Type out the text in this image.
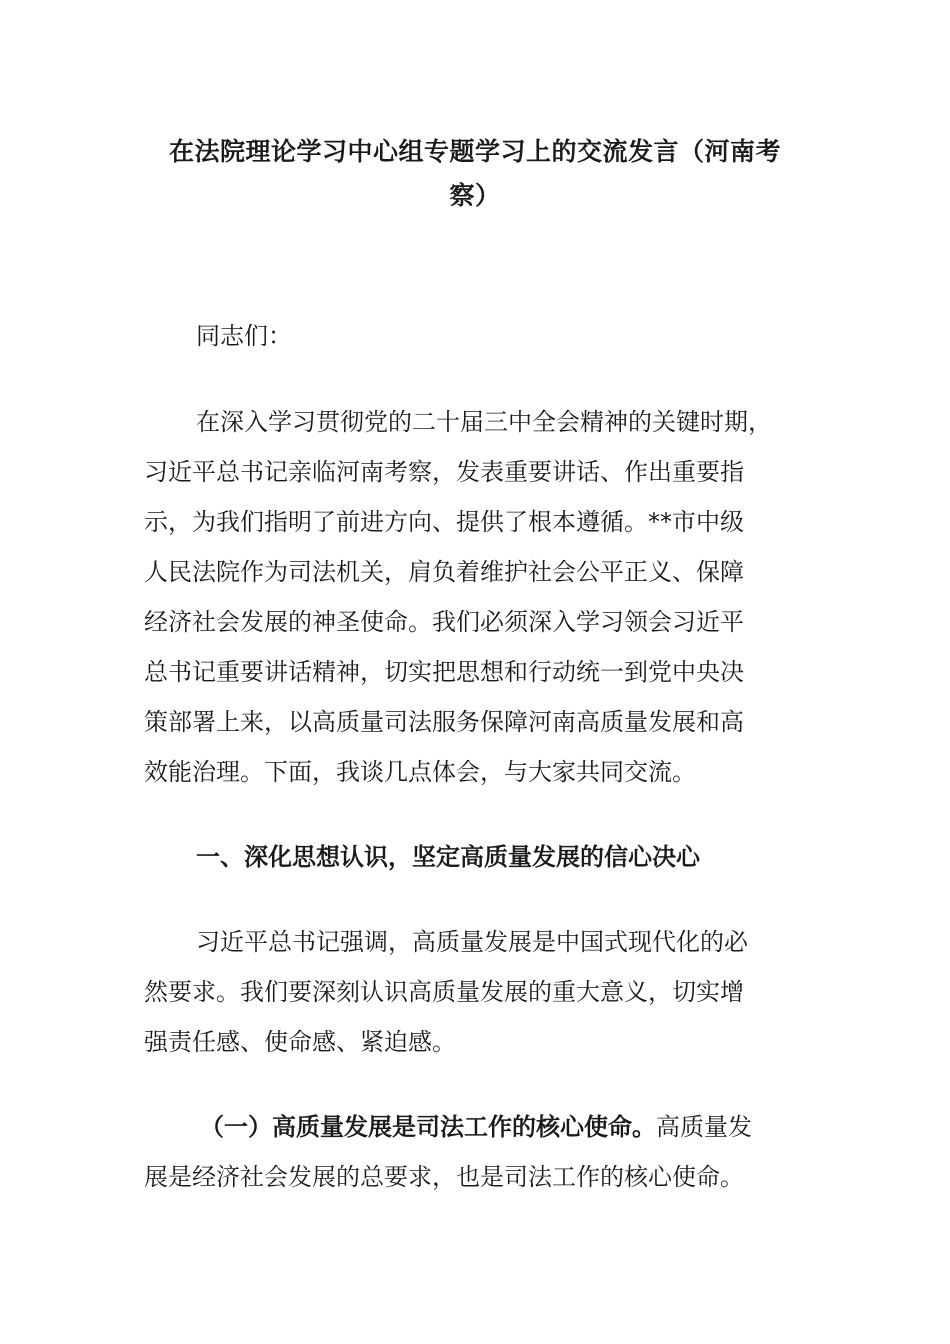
在法院理论学习中心组专题学习上的交流发言（河南考
察）

同志们：

在深入学习贯彻党的二十届三中全会精神的关键时期，
习近平总书记亲临河南考察，发表重要讲话、作出重要指
示，为我们指明了前进方向、提供了根本遵循。**市中级
人民法院作为司法机关，肩负着维护社会公平正义、保障
经济社会发展的神圣使命。我们必须深入学习领会习近平
总书记重要讲话精神，切实把思想和行动统一到党中央决
策部署上来，以高质量司法服务保障河南高质量发展和高
效能治理。下面，我谈几点体会，与大家共同交流。

一、深化思想认识，坚定高质量发展的信心决心

习近平总书记强调，高质量发展是中国式现代化的必
然要求。我们要深刻认识高质量发展的重大意义，切实增
强责任感、使命感、紧迫感。

（一）高质量发展是司法工作的核心使命。高质量发
展是经济社会发展的总要求，也是司法工作的核心使命。
